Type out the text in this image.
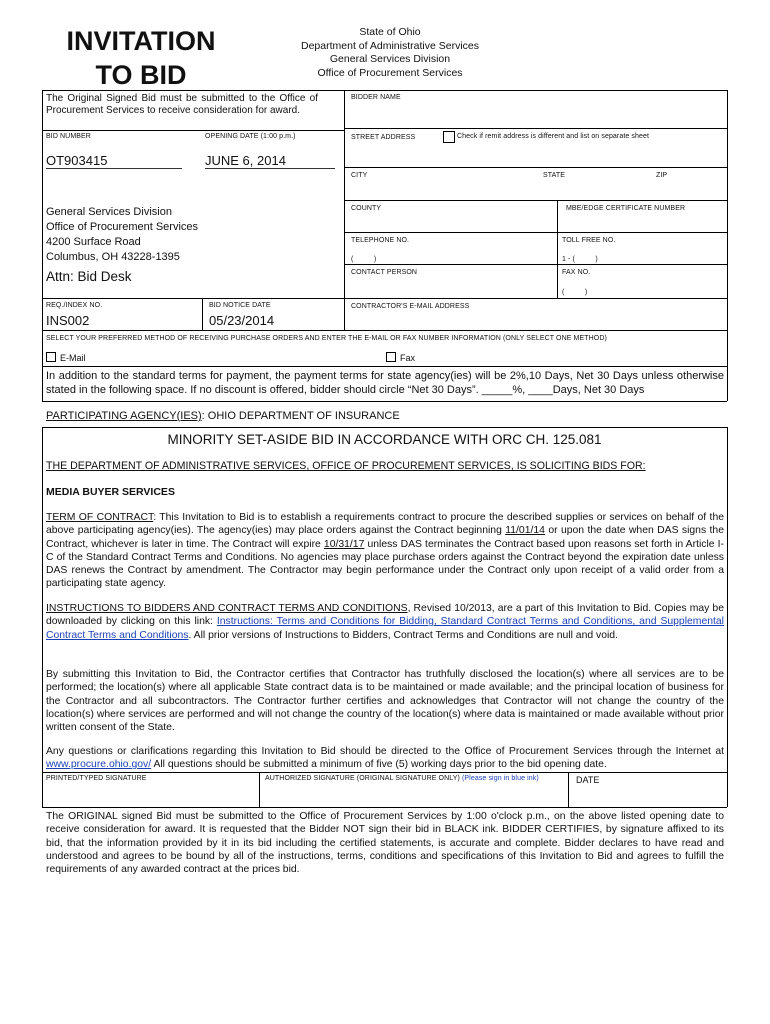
INVITATION
TO BID
State of Ohio
Department of Administrative Services
General Services Division
Office of Procurement Services
The Original Signed Bid must be submitted to the Office of Procurement Services to receive consideration for award.
BID NUMBER	OPENING DATE (1:00 p.m.)
OT903415	JUNE 6, 2014
General Services Division
Office of Procurement Services
4200 Surface Road
Columbus, OH 43228-1395
Attn: Bid Desk
REQ./INDEX NO.
INS002
BID NOTICE DATE
05/23/2014
BIDDER NAME
STREET ADDRESS	Check if remit address is different and list on separate sheet
CITY	STATE	ZIP
COUNTY	MBE/EDGE CERTIFICATE NUMBER
TELEPHONE NO.
(          )
TOLL FREE NO.
1 - (          )
CONTACT PERSON	FAX NO.
(          )
CONTRACTOR'S E-MAIL ADDRESS
SELECT YOUR PREFERRED METHOD OF RECEIVING PURCHASE ORDERS AND ENTER THE E-MAIL OR FAX NUMBER INFORMATION (ONLY SELECT ONE METHOD)
E-Mail	Fax
In addition to the standard terms for payment, the payment terms for state agency(ies) will be 2%,10 Days, Net 30 Days unless otherwise stated in the following space. If no discount is offered, bidder should circle “Net 30 Days”. _____%, ____Days, Net 30 Days
PARTICIPATING AGENCY(IES): OHIO DEPARTMENT OF INSURANCE
MINORITY SET-ASIDE BID IN ACCORDANCE WITH ORC CH. 125.081
THE DEPARTMENT OF ADMINISTRATIVE SERVICES, OFFICE OF PROCUREMENT SERVICES, IS SOLICITING BIDS FOR:
MEDIA BUYER SERVICES
TERM OF CONTRACT: This Invitation to Bid is to establish a requirements contract to procure the described supplies or services on behalf of the above participating agency(ies). The agency(ies) may place orders against the Contract beginning 11/01/14 or upon the date when DAS signs the Contract, whichever is later in time. The Contract will expire 10/31/17 unless DAS terminates the Contract based upon reasons set forth in Article I-C of the Standard Contract Terms and Conditions. No agencies may place purchase orders against the Contract beyond the expiration date unless DAS renews the Contract by amendment. The Contractor may begin performance under the Contract only upon receipt of a valid order from a participating state agency.
INSTRUCTIONS TO BIDDERS AND CONTRACT TERMS AND CONDITIONS, Revised 10/2013, are a part of this Invitation to Bid. Copies may be downloaded by clicking on this link: Instructions: Terms and Conditions for Bidding, Standard Contract Terms and Conditions, and Supplemental Contract Terms and Conditions. All prior versions of Instructions to Bidders, Contract Terms and Conditions are null and void.
By submitting this Invitation to Bid, the Contractor certifies that Contractor has truthfully disclosed the location(s) where all services are to be performed; the location(s) where all applicable State contract data is to be maintained or made available; and the principal location of business for the Contractor and all subcontractors. The Contractor further certifies and acknowledges that Contractor will not change the country of the location(s) where services are performed and will not change the country of the location(s) where data is maintained or made available without prior written consent of the State.
Any questions or clarifications regarding this Invitation to Bid should be directed to the Office of Procurement Services through the Internet at www.procure.ohio.gov/ All questions should be submitted a minimum of five (5) working days prior to the bid opening date.
PRINTED/TYPED SIGNATURE	AUTHORIZED SIGNATURE (ORIGINAL SIGNATURE ONLY) (Please sign in blue ink)	DATE
The ORIGINAL signed Bid must be submitted to the Office of Procurement Services by 1:00 o'clock p.m., on the above listed opening date to receive consideration for award. It is requested that the Bidder NOT sign their bid in BLACK ink. BIDDER CERTIFIES, by signature affixed to its bid, that the information provided by it in its bid including the certified statements, is accurate and complete. Bidder declares to have read and understood and agrees to be bound by all of the instructions, terms, conditions and specifications of this Invitation to Bid and agrees to fulfill the requirements of any awarded contract at the prices bid.
